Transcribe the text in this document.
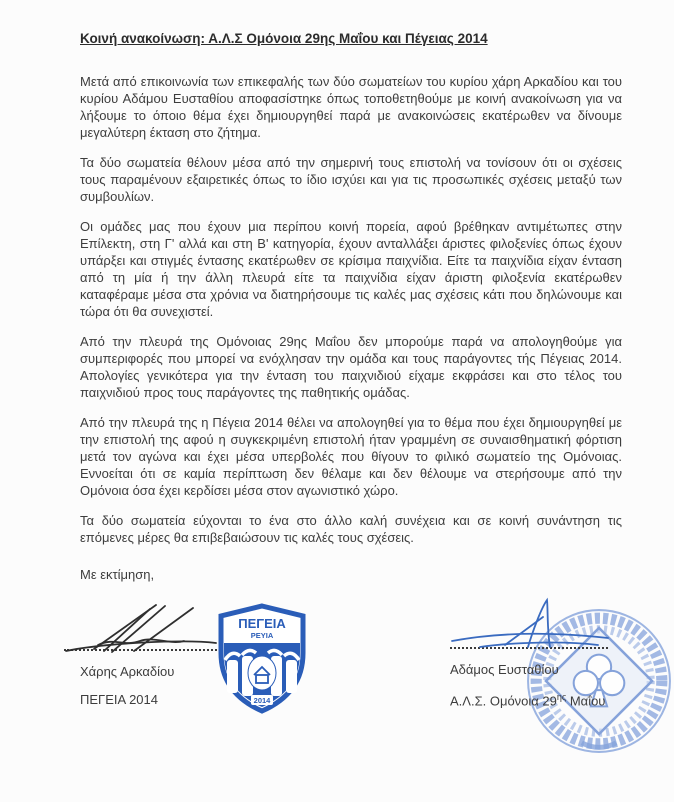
Κοινή ανακοίνωση: Α.Λ.Σ Ομόνοια 29ης Μαΐου και Πέγειας 2014

Μετά από επικοινωνία των επικεφαλής των δύο σωματείων του κυρίου χάρη Αρκαδίου και του κυρίου Αδάμου Ευσταθίου αποφασίστηκε όπως τοποθετηθούμε με κοινή ανακοίνωση για να λήξουμε το όποιο θέμα έχει δημιουργηθεί παρά με ανακοινώσεις εκατέρωθεν να δίνουμε μεγαλύτερη έκταση στο ζήτημα.

Τα δύο σωματεία θέλουν μέσα από την σημερινή τους επιστολή να τονίσουν ότι οι σχέσεις τους παραμένουν εξαιρετικές όπως το ίδιο ισχύει και για τις προσωπικές σχέσεις μεταξύ των συμβουλίων.

Οι ομάδες μας που έχουν μια περίπου κοινή πορεία, αφού βρέθηκαν αντιμέτωπες στην Επίλεκτη, στη Γ' αλλά και στη Β' κατηγορία, έχουν ανταλλάξει άριστες φιλοξενίες όπως έχουν υπάρξει και στιγμές έντασης εκατέρωθεν σε κρίσιμα παιχνίδια. Είτε τα παιχνίδια είχαν ένταση από τη μία ή την άλλη πλευρά είτε τα παιχνίδια είχαν άριστη φιλοξενία εκατέρωθεν καταφέραμε μέσα στα χρόνια να διατηρήσουμε τις καλές μας σχέσεις κάτι που δηλώνουμε και τώρα ότι θα συνεχιστεί.

Από την πλευρά της Ομόνοιας 29ης Μαΐου δεν μπορούμε παρά να απολογηθούμε για συμπεριφορές που μπορεί να ενόχλησαν την ομάδα και τους παράγοντες τής Πέγειας 2014. Απολογίες γενικότερα για την ένταση του παιχνιδιού είχαμε εκφράσει και στο τέλος του παιχνιδιού προς τους παράγοντες της παθητικής ομάδας.

Από την πλευρά της η Πέγεια 2014 θέλει να απολογηθεί για το θέμα που έχει δημιουργηθεί με την επιστολή της αφού η συγκεκριμένη επιστολή ήταν γραμμένη σε συναισθηματική φόρτιση μετά τον αγώνα και έχει μέσα υπερβολές που θίγουν το φιλικό σωματείο της Ομόνοιας. Εννοείται ότι σε καμία περίπτωση δεν θέλαμε και δεν θέλουμε να στερήσουμε από την Ομόνοια όσα έχει κερδίσει μέσα στον αγωνιστικό χώρο.

Τα δύο σωματεία εύχονται το ένα στο άλλο καλή συνέχεια και σε κοινή συνάντηση τις επόμενες μέρες θα επιβεβαιώσουν τις καλές τους σχέσεις.

Με εκτίμηση,

Χάρης Αρκαδίου
ΠΕΓΕΙΑ 2014
ΠΕΓΕΙΑ
PEYIA
2014
Αδάμος Ευσταθίου
Α.Λ.Σ. Ομόνοια $29^{\eta\varsigma}$ Μαΐου
